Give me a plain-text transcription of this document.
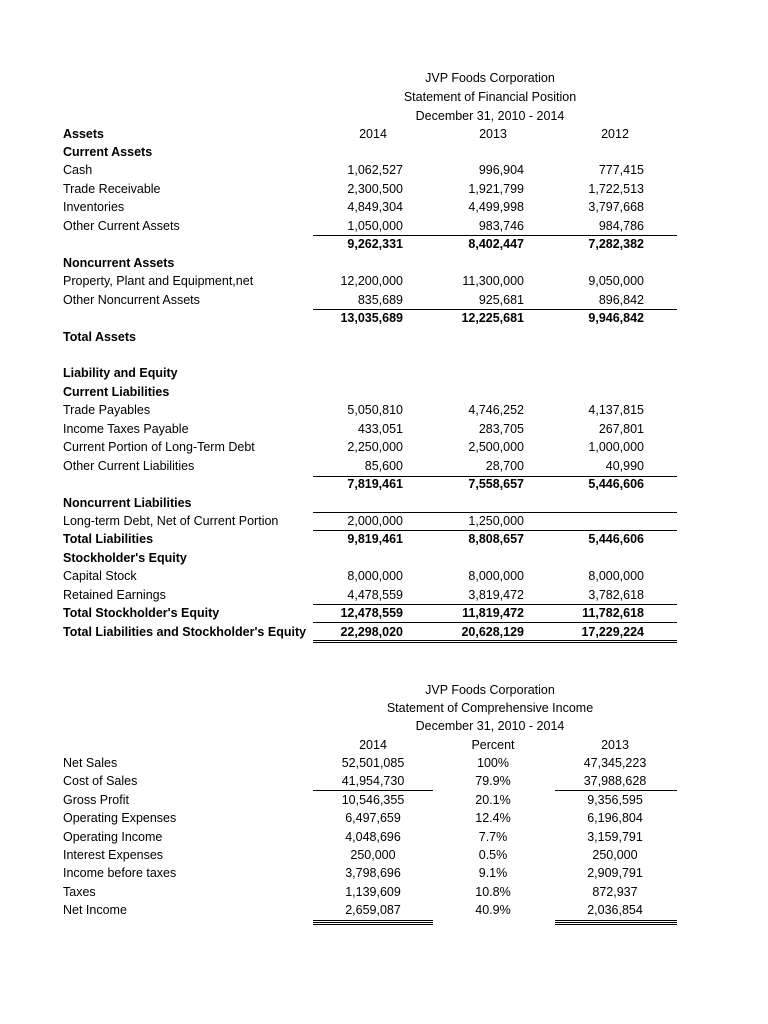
JVP Foods Corporation
Statement of Financial Position
December 31, 2010 - 2014
Assets	2014	2013	2012
Current Assets
Cash	1,062,527	996,904	777,415
Trade Receivable	2,300,500	1,921,799	1,722,513
Inventories	4,849,304	4,499,998	3,797,668
Other Current Assets	1,050,000	983,746	984,786
9,262,331	8,402,447	7,282,382
Noncurrent Assets
Property, Plant and Equipment,net	12,200,000	11,300,000	9,050,000
Other Noncurrent Assets	835,689	925,681	896,842
13,035,689	12,225,681	9,946,842
Total Assets
Liability and Equity
Current Liabilities
Trade Payables	5,050,810	4,746,252	4,137,815
Income Taxes Payable	433,051	283,705	267,801
Current Portion of Long-Term Debt	2,250,000	2,500,000	1,000,000
Other Current Liabilities	85,600	28,700	40,990
7,819,461	7,558,657	5,446,606
Noncurrent Liabilities
Long-term Debt, Net of Current Portion	2,000,000	1,250,000
Total Liabilities	9,819,461	8,808,657	5,446,606
Stockholder's Equity
Capital Stock	8,000,000	8,000,000	8,000,000
Retained Earnings	4,478,559	3,819,472	3,782,618
Total Stockholder's Equity	12,478,559	11,819,472	11,782,618
Total Liabilities and Stockholder's Equity	22,298,020	20,628,129	17,229,224
JVP Foods Corporation
Statement of Comprehensive Income
December 31, 2010 - 2014
2014	Percent	2013
Net Sales	52,501,085	100%	47,345,223
Cost of Sales	41,954,730	79.9%	37,988,628
Gross Profit	10,546,355	20.1%	9,356,595
Operating Expenses	6,497,659	12.4%	6,196,804
Operating Income	4,048,696	7.7%	3,159,791
Interest Expenses	250,000	0.5%	250,000
Income before taxes	3,798,696	9.1%	2,909,791
Taxes	1,139,609	10.8%	872,937
Net Income	2,659,087	40.9%	2,036,854
